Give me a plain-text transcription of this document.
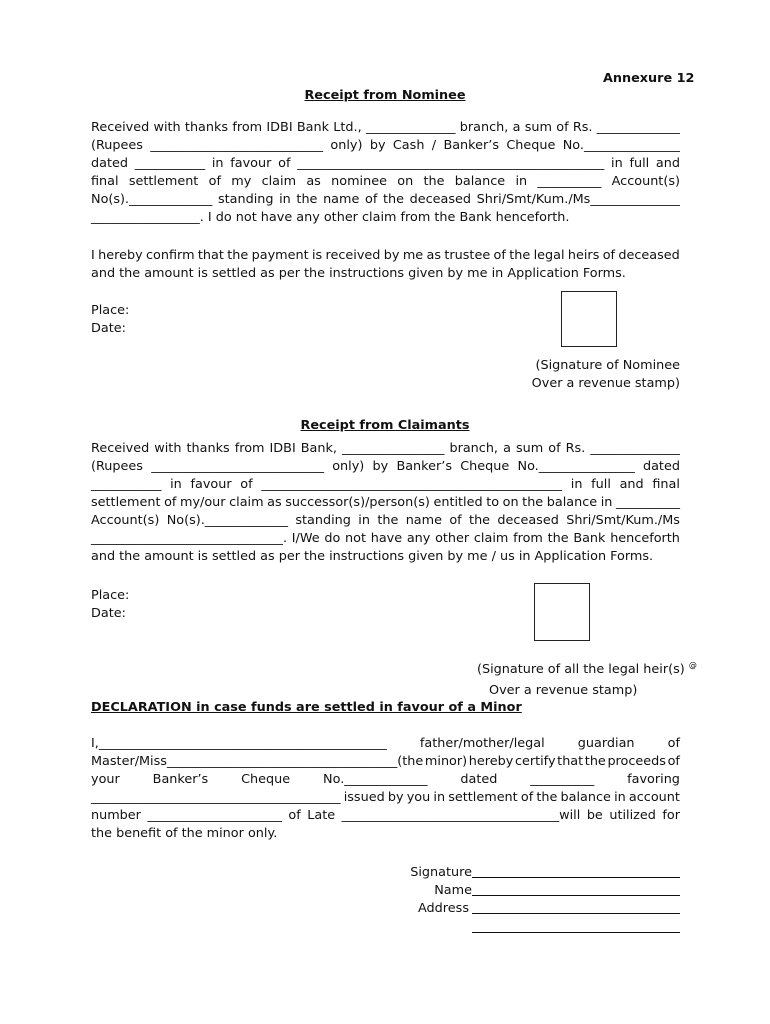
Annexure 12
Receipt from Nominee
Received with thanks from IDBI Bank Ltd., ______________ branch, a sum of Rs. _____________
(Rupees ___________________________ only) by Cash / Banker’s Cheque No._______________
dated ___________ in favour of ________________________________________________ in full and
final settlement of my claim as nominee on the balance in __________ Account(s)
No(s)._____________ standing in the name of the deceased Shri/Smt/Kum./Ms______________
_________________. I do not have any other claim from the Bank henceforth.
I hereby confirm that the payment is received by me as trustee of the legal heirs of deceased
and the amount is settled as per the instructions given by me in Application Forms.
Place:
Date:
(Signature of Nominee
Over a revenue stamp)
Receipt from Claimants
Received with thanks from IDBI Bank, ________________ branch, a sum of Rs. ______________
(Rupees ___________________________ only) by Banker’s Cheque No._______________ dated
___________ in favour of _______________________________________________ in full and final
settlement of my/our claim as successor(s)/person(s) entitled to on the balance in __________
Account(s) No(s)._____________ standing in the name of the deceased Shri/Smt/Kum./Ms
______________________________. I/We do not have any other claim from the Bank henceforth
and the amount is settled as per the instructions given by me / us in Application Forms.
Place:
Date:
(Signature of all the legal heir(s) @
Over a revenue stamp)
DECLARATION in case funds are settled in favour of a Minor
I,_____________________________________________	father/mother/legal	guardian	of
Master/Miss____________________________________(the minor) hereby certify that the proceeds of
your	Banker’s	Cheque	No._____________	dated	__________	favoring
_______________________________________ issued by you in settlement of the balance in account
number _____________________ of Late __________________________________will be utilized for
the benefit of the minor only.
Signature
Name
Address
